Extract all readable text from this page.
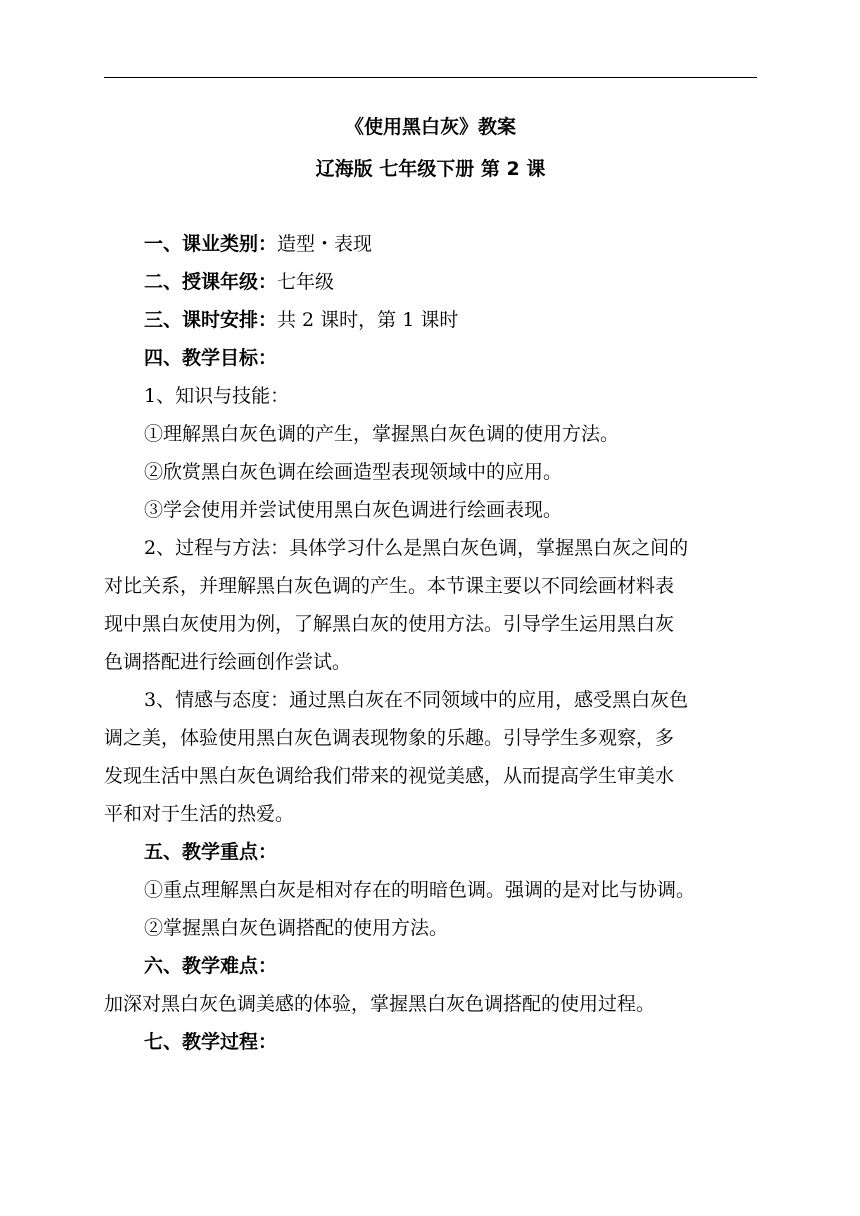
《使用黑白灰》教案
辽海版 七年级下册 第 2 课
一、课业类别：造型・表现
二、授课年级：七年级
三、课时安排：共 2 课时，第 1 课时
四、教学目标：
1、知识与技能：
①理解黑白灰色调的产生，掌握黑白灰色调的使用方法。
②欣赏黑白灰色调在绘画造型表现领域中的应用。
③学会使用并尝试使用黑白灰色调进行绘画表现。
2、过程与方法：具体学习什么是黑白灰色调，掌握黑白灰之间的
对比关系，并理解黑白灰色调的产生。本节课主要以不同绘画材料表
现中黑白灰使用为例，了解黑白灰的使用方法。引导学生运用黑白灰
色调搭配进行绘画创作尝试。
3、情感与态度：通过黑白灰在不同领域中的应用，感受黑白灰色
调之美，体验使用黑白灰色调表现物象的乐趣。引导学生多观察，多
发现生活中黑白灰色调给我们带来的视觉美感，从而提高学生审美水
平和对于生活的热爱。
五、教学重点：
①重点理解黑白灰是相对存在的明暗色调。强调的是对比与协调。
②掌握黑白灰色调搭配的使用方法。
六、教学难点：
加深对黑白灰色调美感的体验，掌握黑白灰色调搭配的使用过程。
七、教学过程：
